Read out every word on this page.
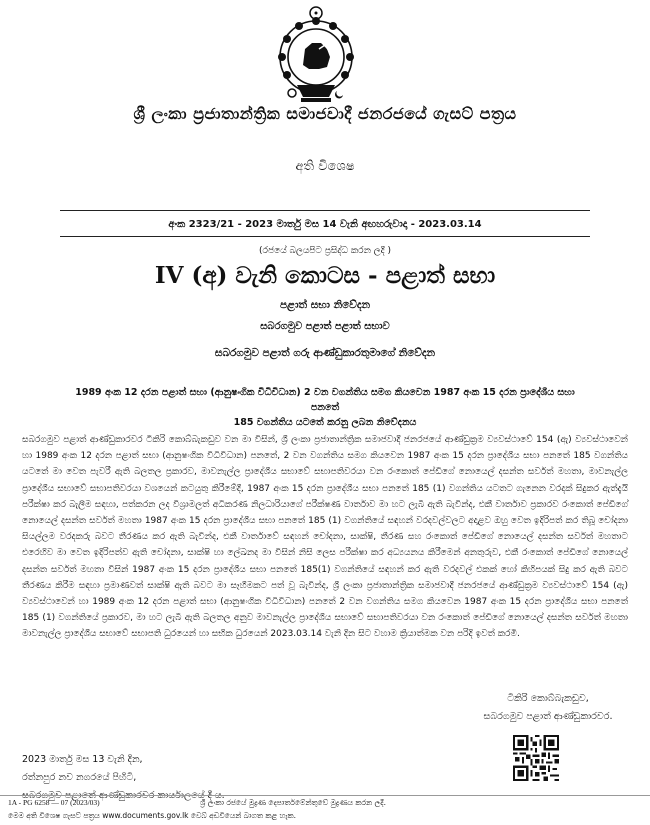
ශ්‍රී ලංකා ප්‍රජාතාන්ත්‍රික සමාජවාදී ජනරජයේ ගැසට් පත්‍රය
අති විශෙෂ
අංක 2323/21 - 2023 මාර්තු මස 14 වැනි අඟහරුවාදා - 2023.03.14
(රජයේ බලයපිට ප්‍රසිද්ධ කරන ලදී )
IV (අ) වැනි කොටස - පළාත් සභා
පළාත් සභා නිවේදන
සබරගමුව පළාත් පළාත් සභාව
සබරගමුව පළාත් ගරු ආණ්ඩුකාරතුමාගේ නිවේදන
1989 අංක 12 දරන පළාත් සභා (ආනුෂංගික විධිවිධාන) 2 වන වගන්තිය සමග කියවෙන 1987 අංක 15 දරන ප්‍රාදේශීය සභා පනතේ
185 වගන්තිය යටතේ කරනු ලබන නිවේදනය
සබරගමුව පළාත් ආණ්ඩුකාරවර ටිකිරි කොබ්බැකඩුව වන මා විසින්, ශ්‍රී ලංකා ප්‍රජාතාන්ත්‍රික සමාජවාදී ජනරජයේ ආණ්ඩුක්‍රම ව්‍යවස්ථාවේ 154 (ඇ) ව්‍යවස්ථාවෙන් හා 1989 අංක 12 දරන පළාත් සභා (ආනුෂංගික විධිවිධාන) පනතේ, 2 වන වගන්තිය සමග කියවෙන 1987 අංක 15 දරන ප්‍රාදේශීය සභා පනතේ 185 වගන්තිය යටතේ මා වෙත පැවරී ඇති බලතල ප්‍රකාරව, මාවනැල්ල ප්‍රාදේශීය සභාවේ සභාපතිවරයා වන රංකොත් පේඩිගේ නොයෙල් දසන්ත සර්වත් මහතා, මාවනැල්ල ප්‍රාදේශීය සභාවේ සභාපතිවරයා වශයෙන් කටයුතු කිරීමේදී, 1987 අංක 15 දරන ප්‍රාදේශීය සභා පනතේ 185 (1) වගන්තිය යටතට ගැනෙන වරදක් සිදුකර ඇත්දැයි පරීක්ෂා කර බැලීම සඳහා, පත්කරන ලද විශ්‍රාමලත් අධිකරණ නිලධාරියාගේ පරීක්ෂණ වාර්තාව මා හට ලැබී ඇති බැවින්ද, එකී වාර්තාව ප්‍රකාරව රංකොත් පේඩිගේ නොයෙල් දසන්ත සර්වත් මහතා 1987 අංක 15 දරන ප්‍රාදේශීය සභා පනතේ 185 (1) වගන්තියේ සඳහන් වරදවල්වලට අදාළව ඔහු වෙත ඉදිරිපත් කර තිබූ චෝදනා සියල්ලම වරදකරු බවට තීරණය කර ඇති බැවින්ද, එකී වාර්තාවේ සඳහන් චෝදනා, සාක්ෂි, තීරණ සහ රංකොත් පේඩිගේ නොයෙල් දසන්ත සර්වත් මහතාට එරෙහිව මා වෙත ඉදිරිපත්ව ඇති චෝදනා, සාක්ෂි හා ලේඛනද මා විසින් නිසි ලෙස පරීක්ෂා කර අධ්‍යයනය කිරීමෙන් අනතුරුව, එකී රංකොත් පේඩිගේ නොයෙල් දසන්ත සර්වත් මහතා විසින් 1987 අංක 15 දරන ප්‍රාදේශීය සභා පනතේ 185(1) වගන්තියේ සඳහන් කර ඇති වරදවල් එකක් හෝ කිහිපයක් සිදු කර ඇති බවට තීරණය කිරීම සඳහා ප්‍රමාණවත් සාක්ෂි ඇති බවට මා සෑහීමකට පත් වූ බැවින්ද, ශ්‍රී ලංකා ප්‍රජාතාන්ත්‍රික සමාජවාදී ජනරජයේ ආණ්ඩුක්‍රම ව්‍යවස්ථාවේ 154 (ඇ) ව්‍යවස්ථාවෙන් හා 1989 අංක 12 දරන පළාත් සභා (ආනුෂංගික විධිවිධාන) පනතේ 2 වන වගන්තිය සමග කියවෙන 1987 අංක 15 දරන ප්‍රාදේශීය සභා පනතේ 185 (1) වගන්තියේ ප්‍රකාරව, මා හට ලැබී ඇති බලතල අනුව මාවනැල්ල ප්‍රාදේශීය සභාවේ සභාපතිවරයා වන රංකොත් පේඩිගේ නොයෙල් දසන්ත සර්වත් මහතා මාවනැල්ල ප්‍රාදේශීය සභාවේ සභාපති ධුරයෙන් හා සභික ධුරයෙන් 2023.03.14 වැනි දින සිට වහාම ක්‍රියාත්මක වන පරිදි ඉවත් කරමි.
ටිකිරි කොබ්බැකඩුව,
සබරගමුව පළාත් ආණ්ඩුකාරවර.
2023 මාර්තු මස 13 වැනි දින,
රත්නපුර නව නගරයේ පිහිටි,
සබරගමුව පළාතේ ආණ්ඩුකාරවර කාර්යාලයේ දී ය.
1A - PG 6258 — 07 (2023/03)	ශ්‍රී ලංකා රජයේ මුද්‍රණ දෙපාර්තමේන්තුවේ මුද්‍රණය කරන ලදී.
මෙම අති විශෙෂ ගැසට් පත්‍රය www.documents.gov.lk වෙබ් අඩවියෙන් බාගත කළ හැක.
